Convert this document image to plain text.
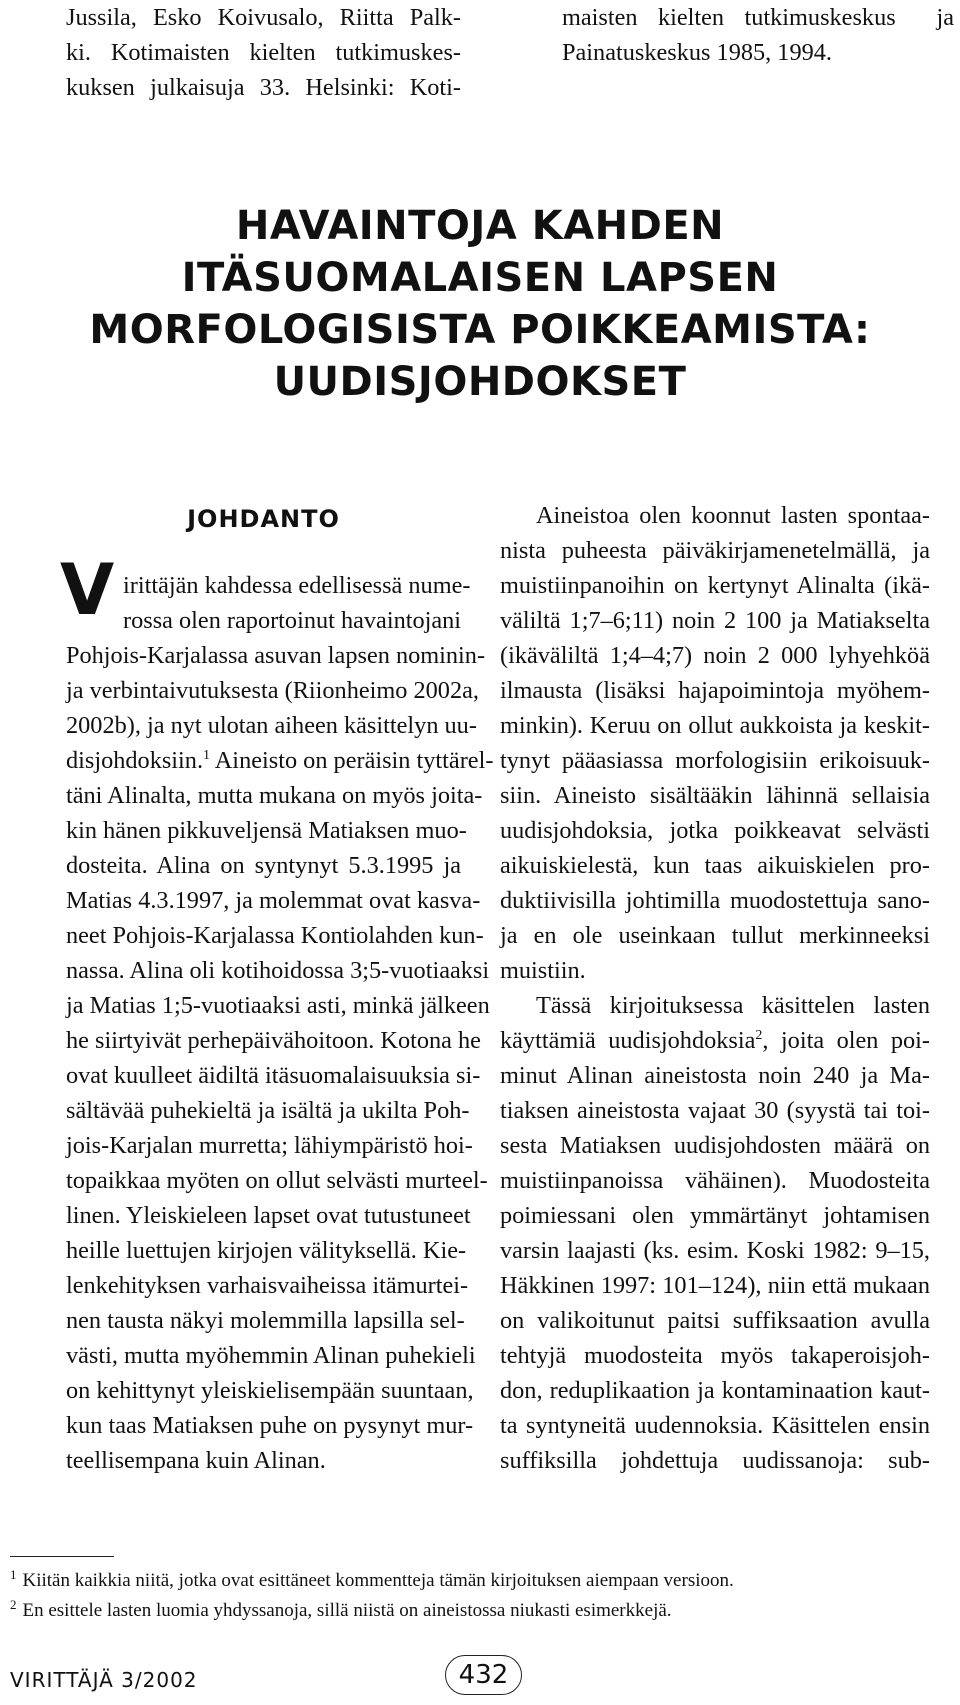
Jussila, Esko Koivusalo, Riitta Palk-
ki. Kotimaisten kielten tutkimuskes-
kuksen julkaisuja 33. Helsinki: Koti-
maisten kielten tutkimuskeskus  ja
Painatuskeskus 1985, 1994.
HAVAINTOJA KAHDEN
ITÄSUOMALAISEN LAPSEN
MORFOLOGISISTA POIKKEAMISTA:
UUDISJOHDOKSET
JOHDANTO
V irittäjän kahdessa edellisessä nume-
rossa olen raportoinut havaintojani
Pohjois-Karjalassa asuvan lapsen nominin-
ja verbintaivutuksesta (Riionheimo 2002a,
2002b), ja nyt ulotan aiheen käsittelyn uu-
disjohdoksiin.$^1$ Aineisto on peräisin tyttärel-
täni Alinalta, mutta mukana on myös joita-
kin hänen pikkuveljensä Matiaksen muo-
dosteita. Alina on syntynyt 5.3.1995 ja
Matias 4.3.1997, ja molemmat ovat kasva-
neet Pohjois-Karjalassa Kontiolahden kun-
nassa. Alina oli kotihoidossa 3;5-vuotiaaksi
ja Matias 1;5-vuotiaaksi asti, minkä jälkeen
he siirtyivät perhepäivähoitoon. Kotona he
ovat kuulleet äidiltä itäsuomalaisuuksia si-
sältävää puhekieltä ja isältä ja ukilta Poh-
jois-Karjalan murretta; lähiympäristö hoi-
topaikkaa myöten on ollut selvästi murteel-
linen. Yleiskieleen lapset ovat tutustuneet
heille luettujen kirjojen välityksellä. Kie-
lenkehityksen varhaisvaiheissa itämurtei-
nen tausta näkyi molemmilla lapsilla sel-
västi, mutta myöhemmin Alinan puhekieli
on kehittynyt yleiskielisempään suuntaan,
kun taas Matiaksen puhe on pysynyt mur-
teellisempana kuin Alinan.
Aineistoa olen koonnut lasten spontaa-
nista puheesta päiväkirjamenetelmällä, ja
muistiinpanoihin on kertynyt Alinalta (ikä-
väliltä 1;7–6;11) noin 2 100 ja Matiakselta
(ikäväliltä 1;4–4;7) noin 2 000 lyhyehköä
ilmausta (lisäksi hajapoimintoja myöhem-
minkin). Keruu on ollut aukkoista ja keskit-
tynyt pääasiassa morfologisiin erikoisuuk-
siin. Aineisto sisältääkin lähinnä sellaisia
uudisjohdoksia, jotka poikkeavat selvästi
aikuiskielestä, kun taas aikuiskielen pro-
duktiivisilla johtimilla muodostettuja sano-
ja en ole useinkaan tullut merkinneeksi
muistiin.
Tässä kirjoituksessa käsittelen lasten
käyttämiä uudisjohdoksia$^2$, joita olen poi-
minut Alinan aineistosta noin 240 ja Ma-
tiaksen aineistosta vajaat 30 (syystä tai toi-
sesta Matiaksen uudisjohdosten määrä on
muistiinpanoissa vähäinen). Muodosteita
poimiessani olen ymmärtänyt johtamisen
varsin laajasti (ks. esim. Koski 1982: 9–15,
Häkkinen 1997: 101–124), niin että mukaan
on valikoitunut paitsi suffiksaation avulla
tehtyjä muodosteita myös takaperoisjoh-
don, reduplikaation ja kontaminaation kaut-
ta syntyneitä uudennoksia. Käsittelen ensin
suffiksilla johdettuja uudissanoja: sub-
$^1$ Kiitän kaikkia niitä, jotka ovat esittäneet kommentteja tämän kirjoituksen aiempaan versioon.
$^2$ En esittele lasten luomia yhdyssanoja, sillä niistä on aineistossa niukasti esimerkkejä.
VIRITTÄJÄ 3/2002	432
